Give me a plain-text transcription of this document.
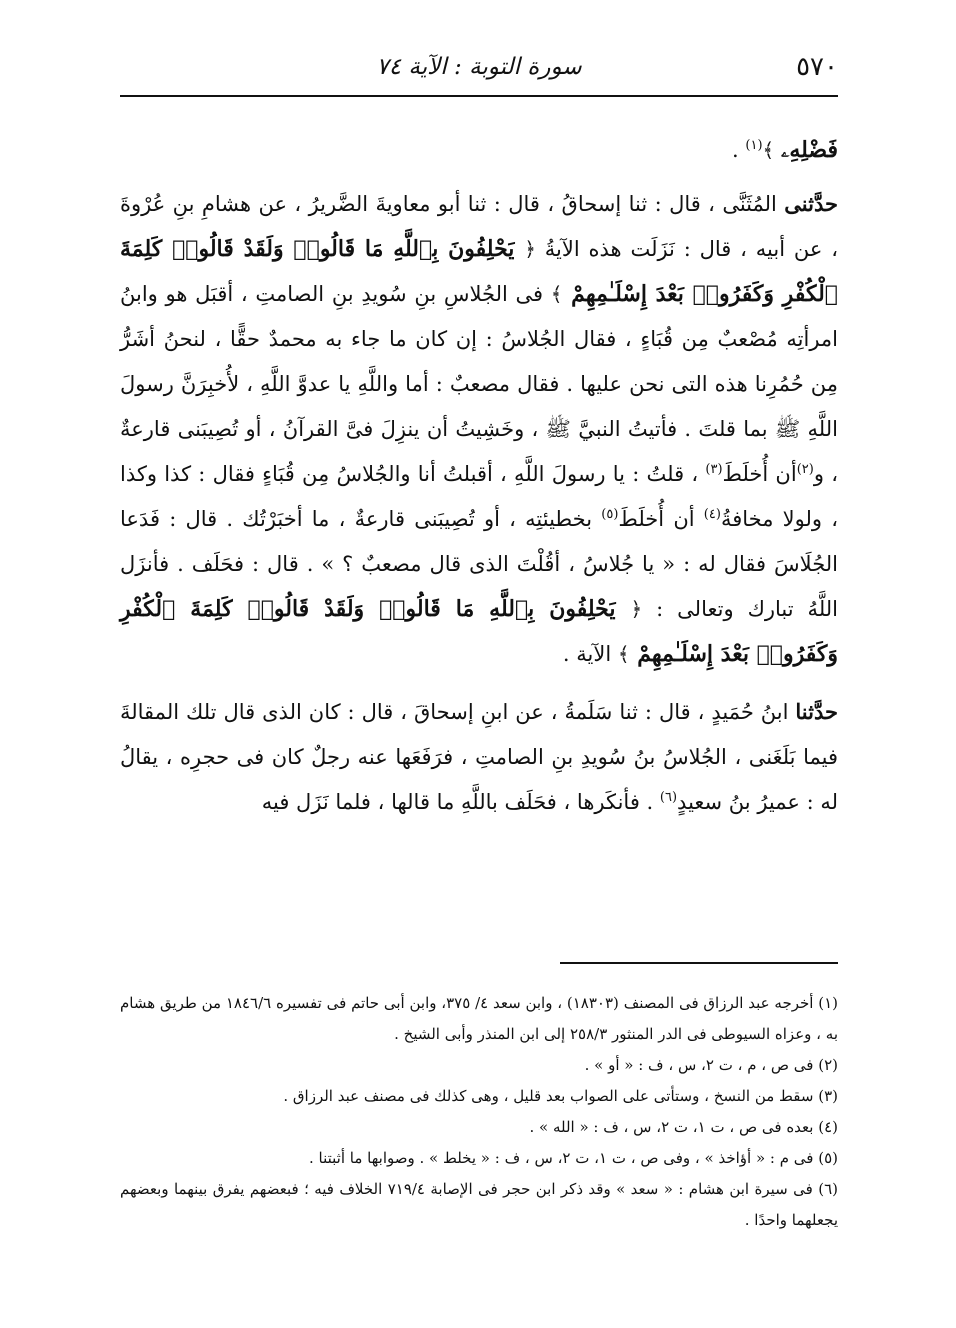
٥٧٠
سورة التوبة : الآية ٧٤

فَضْلِهِۦ ﴾$^{(١)}$ .

حدَّثنى المُثَنَّى ، قال : ثنا إسحاقُ ، قال : ثنا أبو معاويةَ الضَّريرُ ، عن هشامِ بنِ عُرْوةَ ، عن أبيه ، قال : نَزَلَت هذه الآيةُ ﴿ يَحْلِفُونَ بِٱللَّهِ مَا قَالُوا۟ وَلَقَدْ قَالُوا۟ كَلِمَةَ ٱلْكُفْرِ وَكَفَرُوا۟ بَعْدَ إِسْلَـٰمِهِمْ ﴾ فى الجُلاسِ بنِ سُويدِ بنِ الصامتِ ، أقبَل هو وابنُ امرأتِه مُصْعبٌ مِن قُبَاءٍ ، فقال الجُلاسُ : إن كان ما جاء به محمدٌ حقًّا ، لنحنُ أشَرُّ مِن حُمُرِنا هذه التى نحن عليها . فقال مصعبٌ : أما واللَّهِ يا عدوَّ اللَّهِ ، لأُخبِرَنَّ رسولَ اللَّهِ ﷺ بما قلتَ . فأتيتُ النبيَّ ﷺ ، وخَشِيتُ أن ينزِلَ فىَّ القرآنُ ، أو تُصِيبَنى قارعةٌ ، و$^{(٢)}$أن أُخلَطَ$^{(٣)}$ ، قلتُ : يا رسولَ اللَّهِ ، أقبلتُ أنا والجُلاسُ مِن قُبَاءٍ فقال : كذا وكذا ، ولولا مخافةُ$^{(٤)}$ أن أُخلَطَ$^{(٥)}$ بخطيئتِه ، أو تُصِيبَنى قارعةٌ ، ما أخبَرْتُك . قال : فَدَعا الجُلَاسَ فقال له : « يا جُلاسُ ، أقُلْتَ الذى قال مصعبٌ ؟ » . قال : فحَلَف . فأنزَل اللَّهُ تبارك وتعالى : ﴿ يَحْلِفُونَ بِٱللَّهِ مَا قَالُوا۟ وَلَقَدْ قَالُوا۟ كَلِمَةَ ٱلْكُفْرِ وَكَفَرُوا۟ بَعْدَ إِسْلَـٰمِهِمْ ﴾ الآية .

حدَّثنا ابنُ حُمَيدٍ ، قال : ثنا سَلَمةُ ، عن ابنِ إسحاقَ ، قال : كان الذى قال تلك المقالةَ فيما بَلَغَنى ، الجُلاسُ بنُ سُويدِ بنِ الصامتِ ، فرَفَعَها عنه رجلٌ كان فى حجرِه ، يقالُ له : عميرُ بنُ سعيدٍ$^{(٦)}$ . فأنكَرها ، فحَلَف باللَّهِ ما قالها ، فلما نَزَل فيه

(١) أخرجه عبد الرزاق فى المصنف (١٨٣٠٣) ، وابن سعد ٤/ ٣٧٥، وابن أبى حاتم فى تفسيره ١٨٤٦/٦ من طريق هشام به ، وعزاه السيوطى فى الدر المنثور ٢٥٨/٣ إلى ابن المنذر وأبى الشيخ .

(٢) فى ص ، م ، ت ٢، س ، ف : « أو » .

(٣) سقط من النسخ ، وستأتى على الصواب بعد قليل ، وهى كذلك فى مصنف عبد الرزاق .

(٤) بعده فى ص ، ت ١، ت ٢، س ، ف : « الله » .

(٥) فى م : « أؤاخذ » ، وفى ص ، ت ١، ت ٢، س ، ف : « يخلط » . وصوابها ما أثبتنا .

(٦) فى سيرة ابن هشام : « سعد » وقد ذكر ابن حجر فى الإصابة ٧١٩/٤ الخلاف فيه ؛ فبعضهم يفرق بينهما وبعضهم يجعلهما واحدًا .
